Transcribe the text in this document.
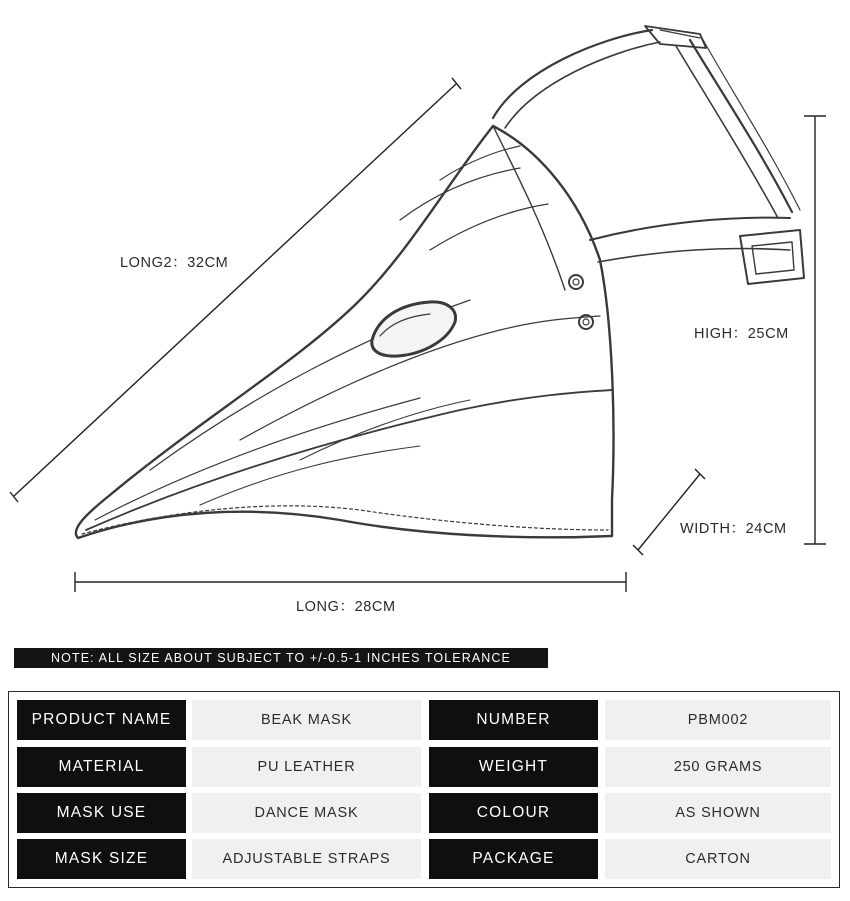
LONG2：32CM
HIGH：25CM
WIDTH：24CM
LONG：28CM
NOTE: ALL SIZE ABOUT SUBJECT TO +/-0.5-1 INCHES TOLERANCE
PRODUCT NAME	BEAK MASK	NUMBER	PBM002
MATERIAL	PU LEATHER	WEIGHT	250 GRAMS
MASK USE	DANCE MASK	COLOUR	AS SHOWN
MASK SIZE	ADJUSTABLE STRAPS	PACKAGE	CARTON
